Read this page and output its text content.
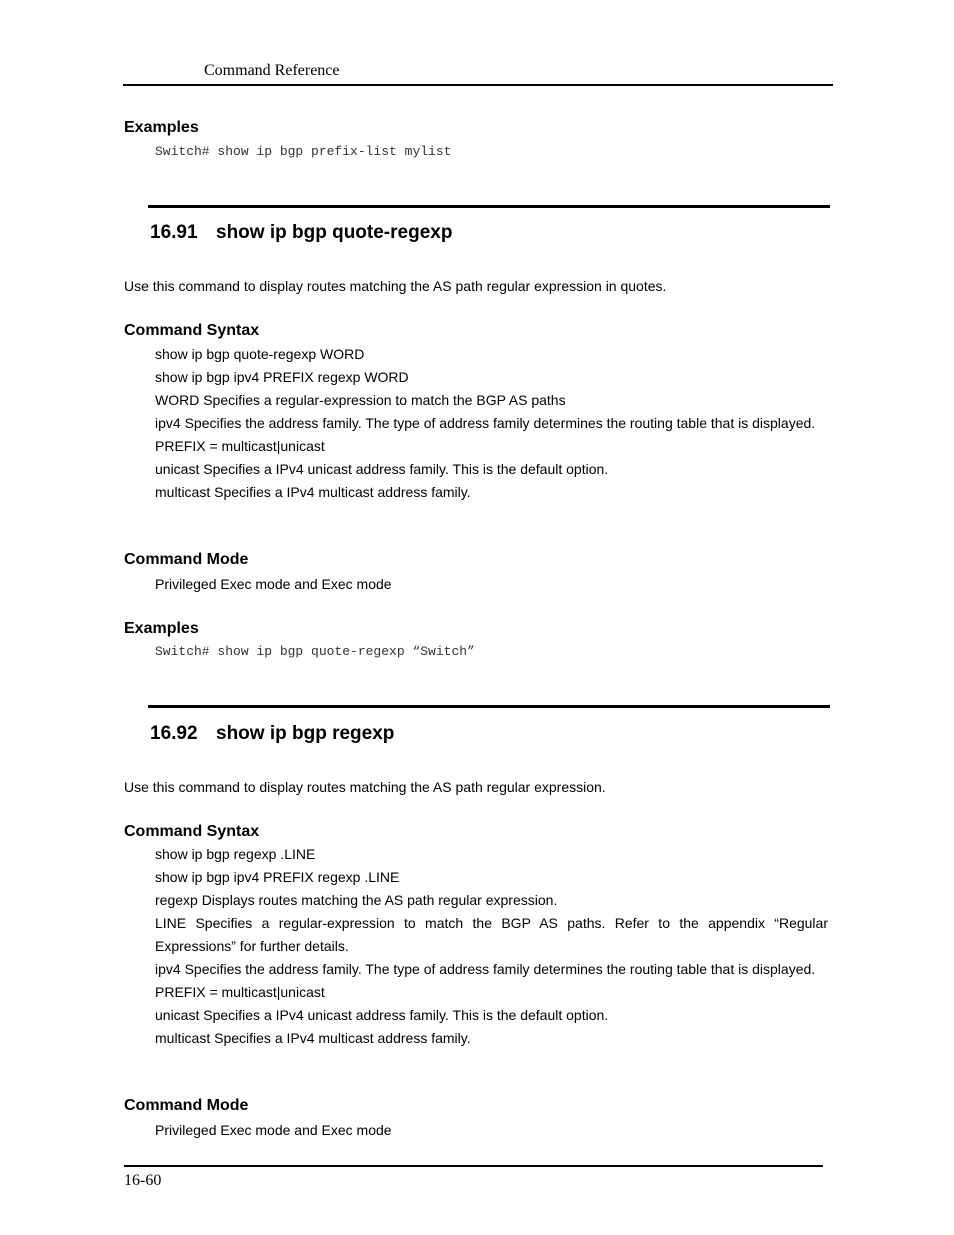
Command Reference
Examples
Switch# show ip bgp prefix-list mylist
16.91 show ip bgp quote-regexp
Use this command to display routes matching the AS path regular expression in quotes.
Command Syntax
show ip bgp quote-regexp WORD
show ip bgp ipv4 PREFIX regexp WORD
WORD Specifies a regular-expression to match the BGP AS paths
ipv4 Specifies the address family. The type of address family determines the routing table that is displayed.
PREFIX = multicast|unicast
unicast Specifies a IPv4 unicast address family. This is the default option.
multicast Specifies a IPv4 multicast address family.
Command Mode
Privileged Exec mode and Exec mode
Examples
Switch# show ip bgp quote-regexp “Switch”
16.92 show ip bgp regexp
Use this command to display routes matching the AS path regular expression.
Command Syntax
show ip bgp regexp .LINE
show ip bgp ipv4 PREFIX regexp .LINE
regexp Displays routes matching the AS path regular expression.
LINE Specifies a regular-expression to match the BGP AS paths. Refer to the appendix “Regular Expressions” for further details.
ipv4 Specifies the address family. The type of address family determines the routing table that is displayed.
PREFIX = multicast|unicast
unicast Specifies a IPv4 unicast address family. This is the default option.
multicast Specifies a IPv4 multicast address family.
Command Mode
Privileged Exec mode and Exec mode
16-60
